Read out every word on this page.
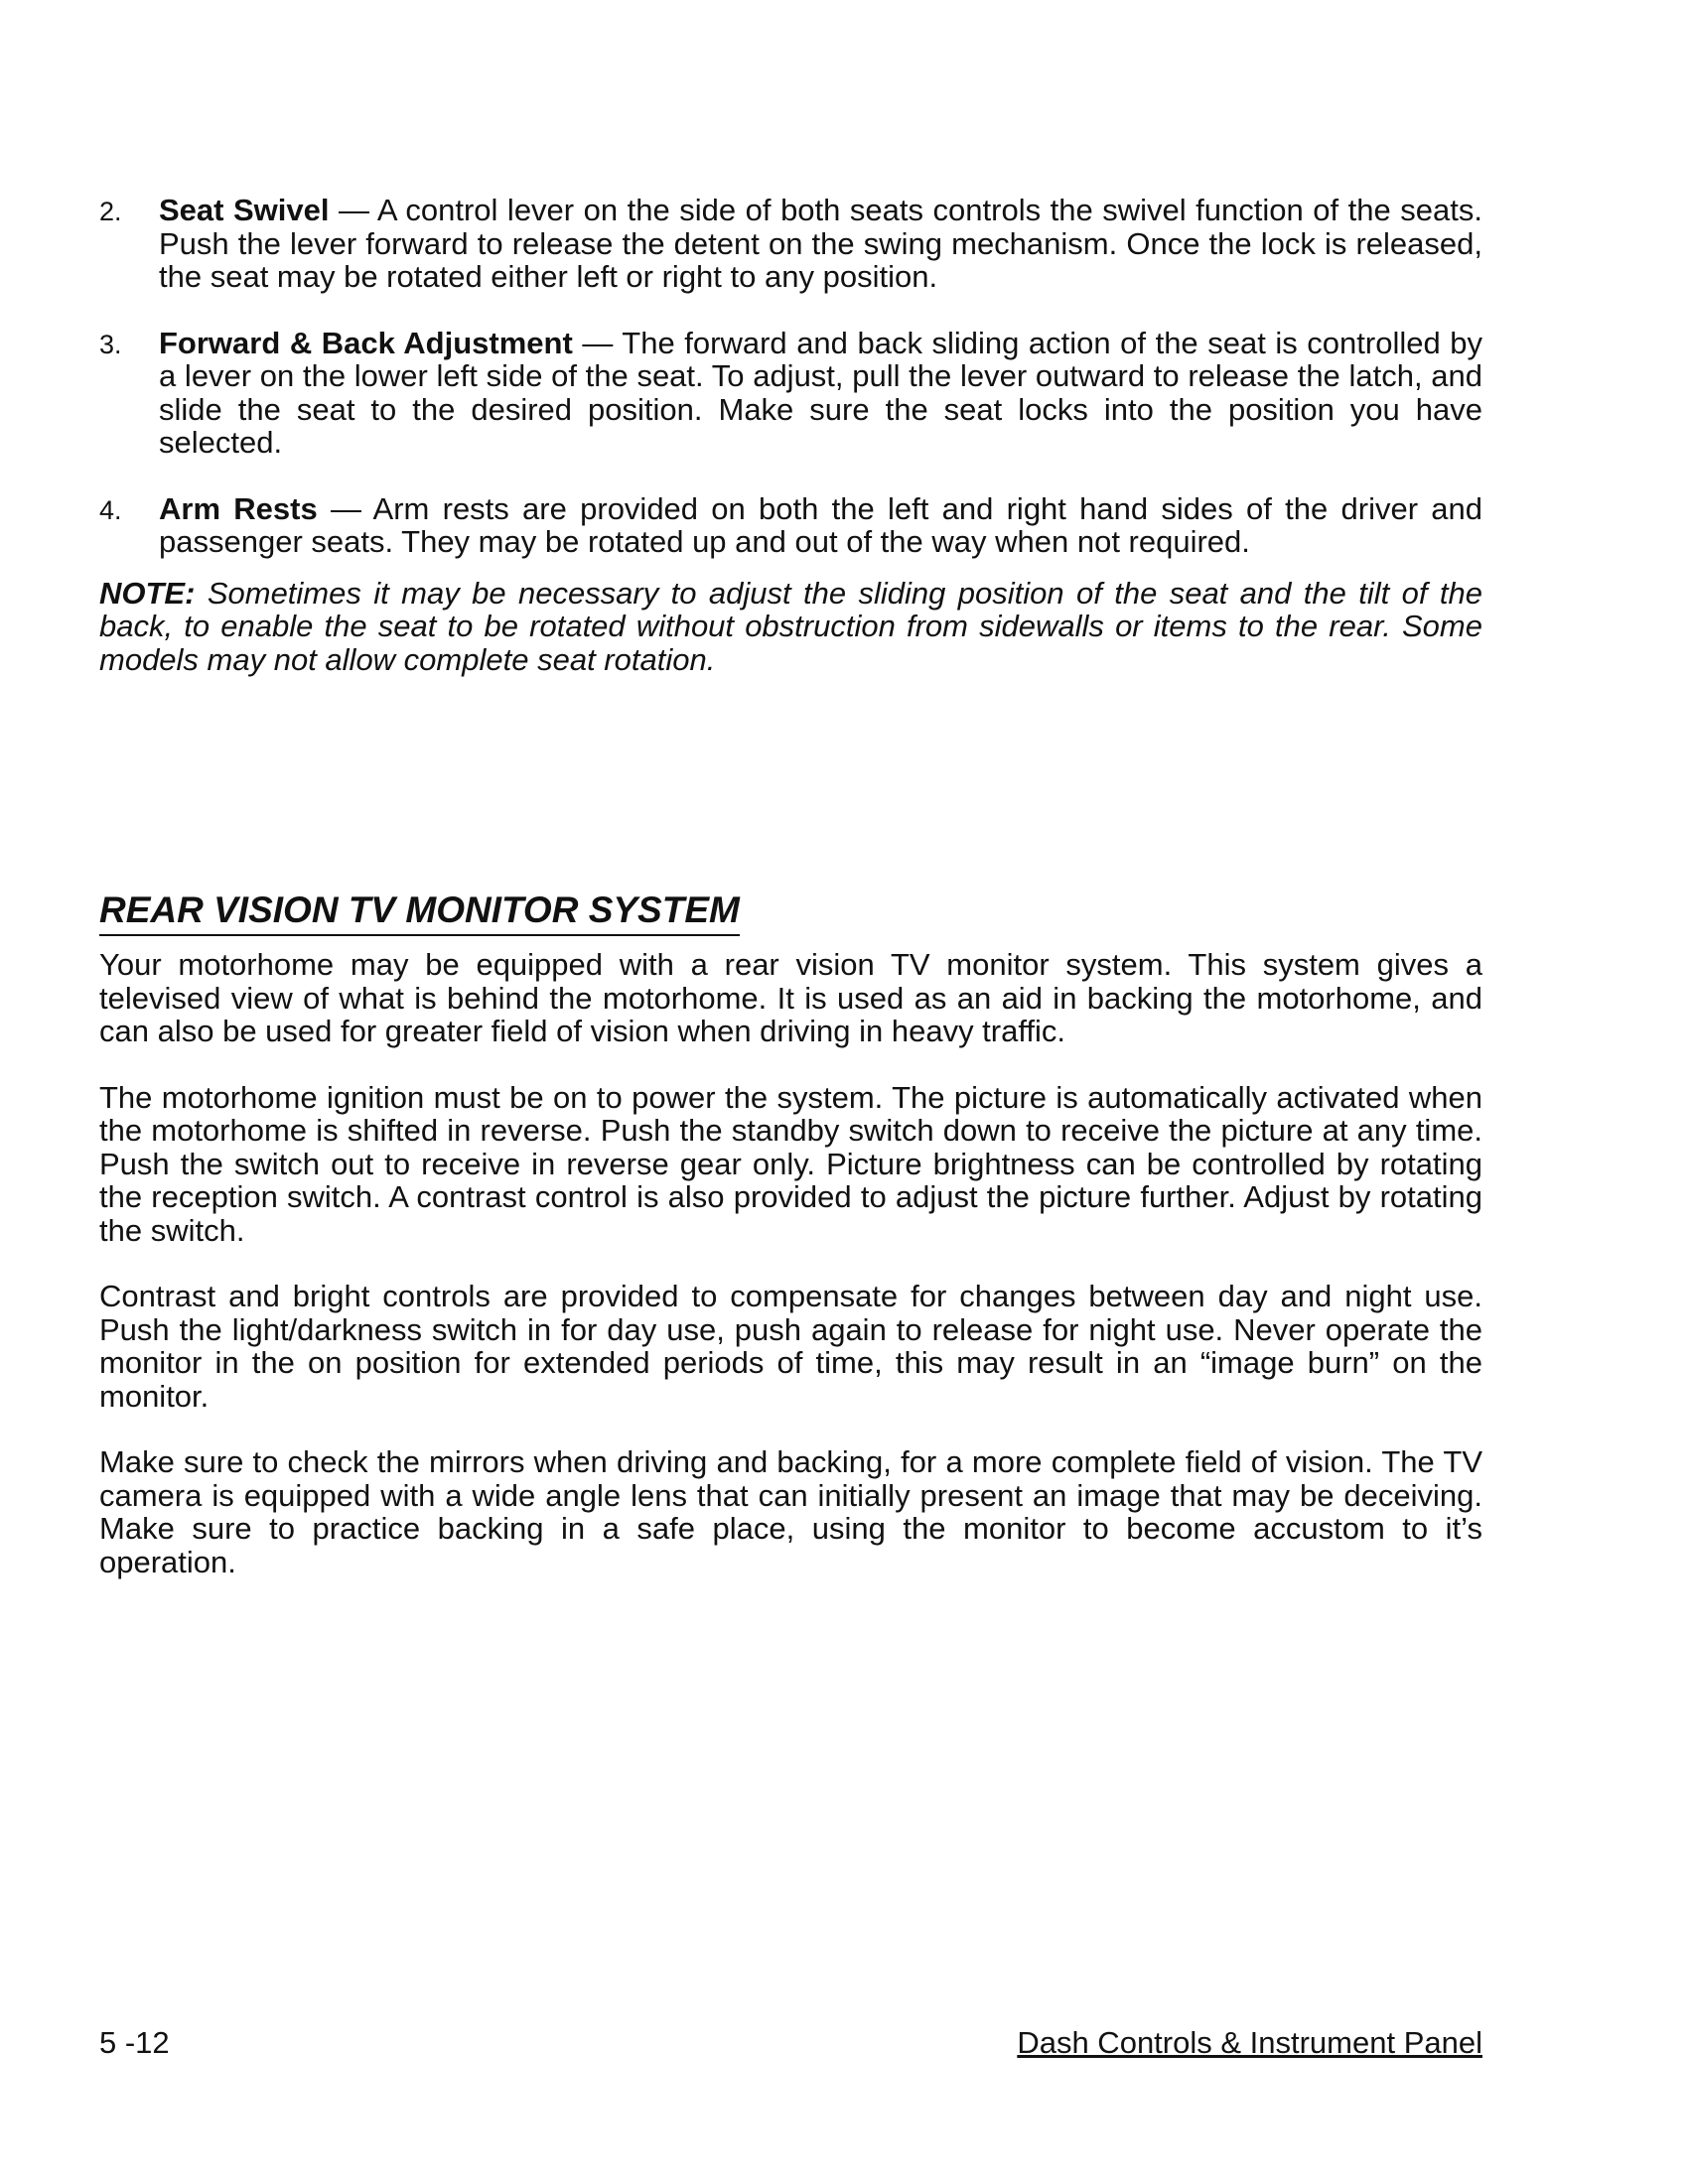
2. Seat Swivel — A control lever on the side of both seats controls the swivel function of the seats. Push the lever forward to release the detent on the swing mechanism. Once the lock is released, the seat may be rotated either left or right to any position.
3. Forward & Back Adjustment — The forward and back sliding action of the seat is controlled by a lever on the lower left side of the seat. To adjust, pull the lever outward to release the latch, and slide the seat to the desired position. Make sure the seat locks into the position you have selected.
4. Arm Rests — Arm rests are provided on both the left and right hand sides of the driver and passenger seats. They may be rotated up and out of the way when not required.
NOTE: Sometimes it may be necessary to adjust the sliding position of the seat and the tilt of the back, to enable the seat to be rotated without obstruction from sidewalls or items to the rear. Some models may not allow complete seat rotation.
REAR VISION TV MONITOR SYSTEM

Your motorhome may be equipped with a rear vision TV monitor system. This system gives a televised view of what is behind the motorhome. It is used as an aid in backing the motorhome, and can also be used for greater field of vision when driving in heavy traffic.

The motorhome ignition must be on to power the system. The picture is automatically activated when the motorhome is shifted in reverse. Push the standby switch down to receive the picture at any time. Push the switch out to receive in reverse gear only. Picture brightness can be controlled by rotating the reception switch. A contrast control is also provided to adjust the picture further. Adjust by rotating the switch.

Contrast and bright controls are provided to compensate for changes between day and night use. Push the light/darkness switch in for day use, push again to release for night use. Never operate the monitor in the on position for extended periods of time, this may result in an “image burn” on the monitor.

Make sure to check the mirrors when driving and backing, for a more complete field of vision. The TV camera is equipped with a wide angle lens that can initially present an image that may be deceiving. Make sure to practice backing in a safe place, using the monitor to become accustom to it’s operation.

5 -12	Dash Controls & Instrument Panel
